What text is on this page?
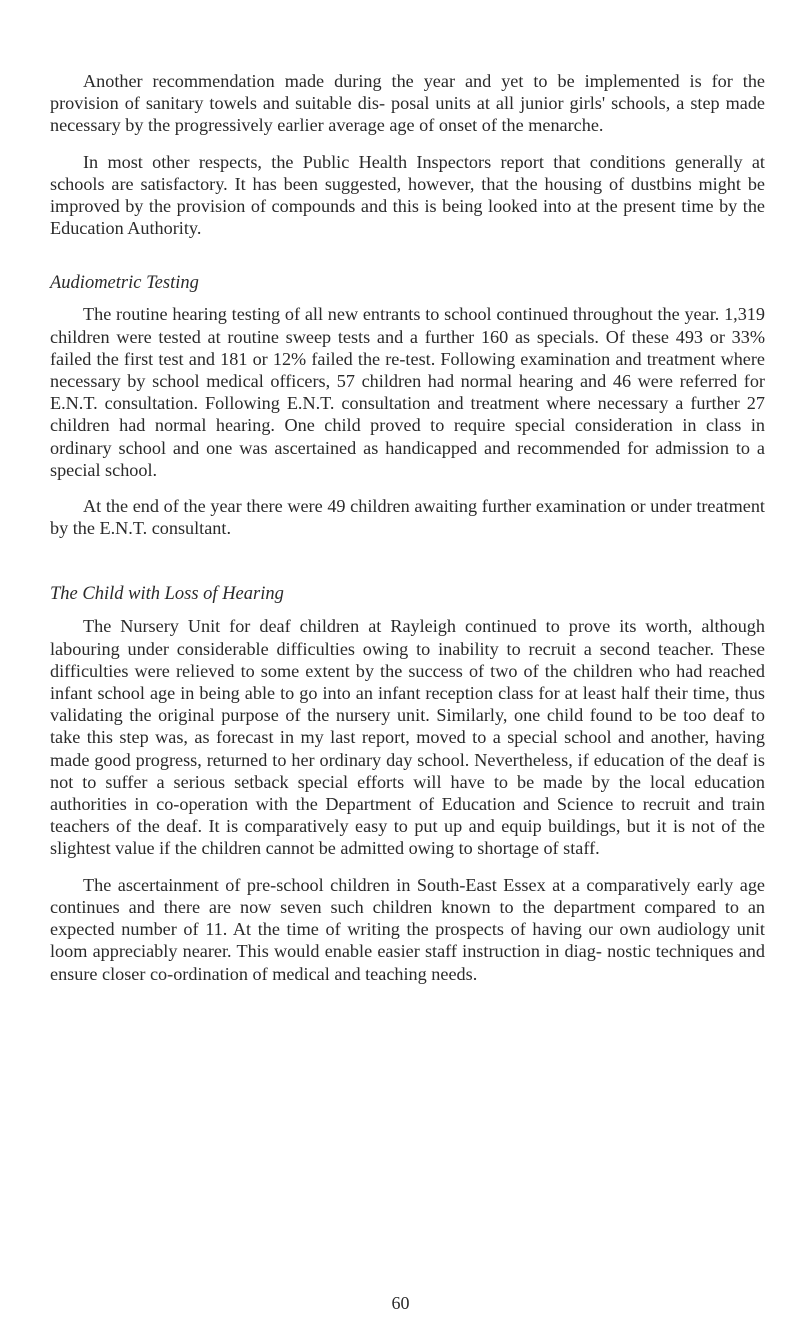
Another recommendation made during the year and yet to be implemented is for the provision of sanitary towels and suitable dis- posal units at all junior girls' schools, a step made necessary by the progressively earlier average age of onset of the menarche.

In most other respects, the Public Health Inspectors report that conditions generally at schools are satisfactory. It has been suggested, however, that the housing of dustbins might be improved by the provision of compounds and this is being looked into at the present time by the Education Authority.

Audiometric Testing

The routine hearing testing of all new entrants to school continued throughout the year. 1,319 children were tested at routine sweep tests and a further 160 as specials. Of these 493 or 33% failed the first test and 181 or 12% failed the re-test. Following examination and treatment where necessary by school medical officers, 57 children had normal hearing and 46 were referred for E.N.T. consultation. Following E.N.T. consultation and treatment where necessary a further 27 children had normal hearing. One child proved to require special consideration in class in ordinary school and one was ascertained as handicapped and recommended for admission to a special school.

At the end of the year there were 49 children awaiting further examination or under treatment by the E.N.T. consultant.

The Child with Loss of Hearing

The Nursery Unit for deaf children at Rayleigh continued to prove its worth, although labouring under considerable difficulties owing to inability to recruit a second teacher. These difficulties were relieved to some extent by the success of two of the children who had reached infant school age in being able to go into an infant reception class for at least half their time, thus validating the original purpose of the nursery unit. Similarly, one child found to be too deaf to take this step was, as forecast in my last report, moved to a special school and another, having made good progress, returned to her ordinary day school. Nevertheless, if education of the deaf is not to suffer a serious setback special efforts will have to be made by the local education authorities in co-operation with the Department of Education and Science to recruit and train teachers of the deaf. It is comparatively easy to put up and equip buildings, but it is not of the slightest value if the children cannot be admitted owing to shortage of staff.

The ascertainment of pre-school children in South-East Essex at a comparatively early age continues and there are now seven such children known to the department compared to an expected number of 11. At the time of writing the prospects of having our own audiology unit loom appreciably nearer. This would enable easier staff instruction in diag- nostic techniques and ensure closer co-ordination of medical and teaching needs.

60
